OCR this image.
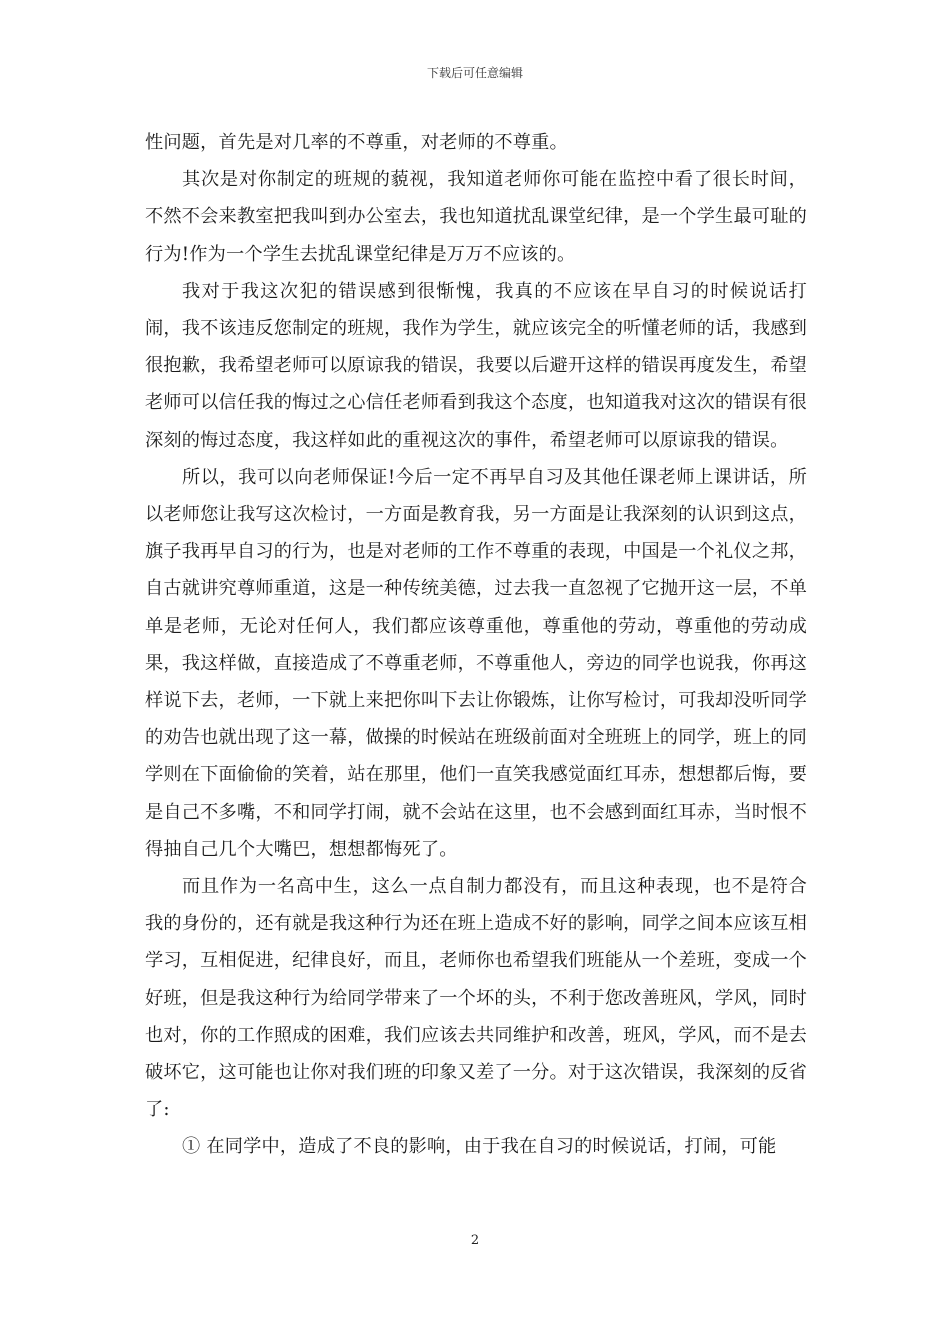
下载后可任意编辑

性问题，首先是对几率的不尊重，对老师的不尊重。

其次是对你制定的班规的藐视，我知道老师你可能在监控中看了很长时间，不然不会来教室把我叫到办公室去，我也知道扰乱课堂纪律，是一个学生最可耻的行为!作为一个学生去扰乱课堂纪律是万万不应该的。

我对于我这次犯的错误感到很惭愧，我真的不应该在早自习的时候说话打闹，我不该违反您制定的班规，我作为学生，就应该完全的听懂老师的话，我感到很抱歉，我希望老师可以原谅我的错误，我要以后避开这样的错误再度发生，希望老师可以信任我的悔过之心信任老师看到我这个态度，也知道我对这次的错误有很深刻的悔过态度，我这样如此的重视这次的事件，希望老师可以原谅我的错误。

所以，我可以向老师保证!今后一定不再早自习及其他任课老师上课讲话，所以老师您让我写这次检讨，一方面是教育我，另一方面是让我深刻的认识到这点，旗子我再早自习的行为，也是对老师的工作不尊重的表现，中国是一个礼仪之邦，自古就讲究尊师重道，这是一种传统美德，过去我一直忽视了它抛开这一层，不单单是老师，无论对任何人，我们都应该尊重他，尊重他的劳动，尊重他的劳动成果，我这样做，直接造成了不尊重老师，不尊重他人，旁边的同学也说我，你再这样说下去，老师，一下就上来把你叫下去让你锻炼，让你写检讨，可我却没听同学的劝告也就出现了这一幕，做操的时候站在班级前面对全班班上的同学，班上的同学则在下面偷偷的笑着，站在那里，他们一直笑我感觉面红耳赤，想想都后悔，要是自己不多嘴，不和同学打闹，就不会站在这里，也不会感到面红耳赤，当时恨不得抽自己几个大嘴巴，想想都悔死了。

而且作为一名高中生，这么一点自制力都没有，而且这种表现，也不是符合我的身份的，还有就是我这种行为还在班上造成不好的影响，同学之间本应该互相学习，互相促进，纪律良好，而且，老师你也希望我们班能从一个差班，变成一个好班，但是我这种行为给同学带来了一个坏的头，不利于您改善班风，学风，同时也对，你的工作照成的困难，我们应该去共同维护和改善，班风，学风，而不是去破坏它，这可能也让你对我们班的印象又差了一分。对于这次错误，我深刻的反省了:

① 在同学中，造成了不良的影响，由于我在自习的时候说话，打闹，可能

2
